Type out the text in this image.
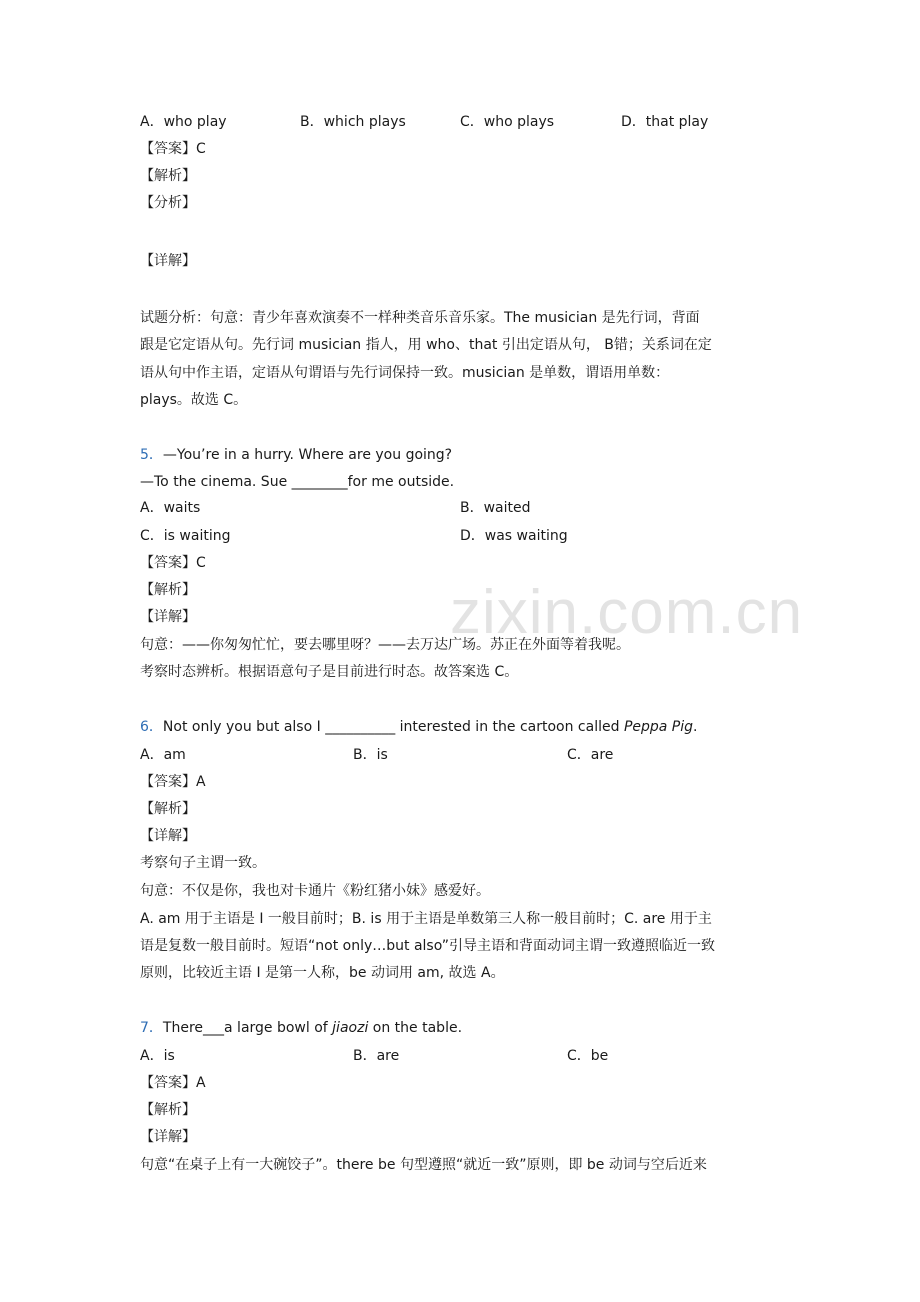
zixin.com.cn
A．who play	B．which plays	C．who plays	D．that play
【答案】C
【解析】
【分析】
【详解】
试题分析：句意：青少年喜欢演奏不一样种类音乐音乐家。The musician 是先行词，背面
跟是它定语从句。先行词 musician 指人，用 who、that 引出定语从句， B错；关系词在定
语从句中作主语，定语从句谓语与先行词保持一致。musician 是单数，谓语用单数：
plays。故选 C。
5．—You’re in a hurry. Where are you going?
—To the cinema. Sue ________for me outside.
A．waits	B．waited
C．is waiting	D．was waiting
【答案】C
【解析】
【详解】
句意：——你匆匆忙忙，要去哪里呀？——去万达广场。苏正在外面等着我呢。
考察时态辨析。根据语意句子是目前进行时态。故答案选 C。
6．Not only you but also I __________ interested in the cartoon called Peppa Pig.
A．am	B．is	C．are
【答案】A
【解析】
【详解】
考察句子主谓一致。
句意：不仅是你，我也对卡通片《粉红猪小妹》感爱好。
A. am 用于主语是 I 一般目前时；B. is 用于主语是单数第三人称一般目前时；C. are 用于主
语是复数一般目前时。短语“not only…but also”引导主语和背面动词主谓一致遵照临近一致
原则，比较近主语 I 是第一人称，be 动词用 am, 故选 A。
7．There___a large bowl of jiaozi on the table.
A．is	B．are	C．be
【答案】A
【解析】
【详解】
句意“在桌子上有一大碗饺子”。there be 句型遵照“就近一致”原则，即 be 动词与空后近来
